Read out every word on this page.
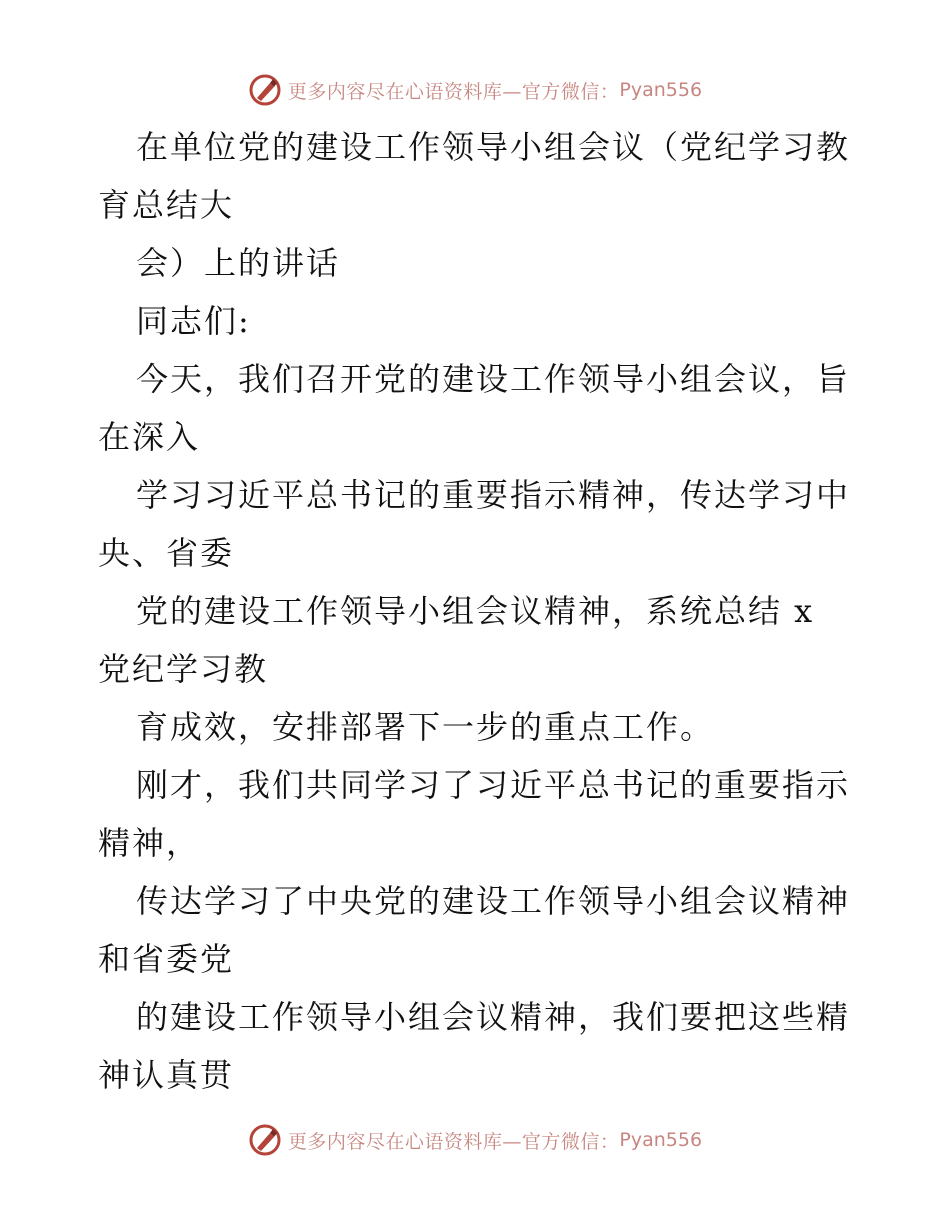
更多内容尽在心语资料库—官方微信： Pyan556
在单位党的建设工作领导小组会议（党纪学习教
育总结大
会）上的讲话
同志们:
今天，我们召开党的建设工作领导小组会议，旨
在深入
学习习近平总书记的重要指示精神，传达学习中
央、省委
党的建设工作领导小组会议精神，系统总结 x
党纪学习教
育成效，安排部署下一步的重点工作。
刚才，我们共同学习了习近平总书记的重要指示
精神，
传达学习了中央党的建设工作领导小组会议精神
和省委党
的建设工作领导小组会议精神，我们要把这些精
神认真贯
更多内容尽在心语资料库—官方微信： Pyan556
